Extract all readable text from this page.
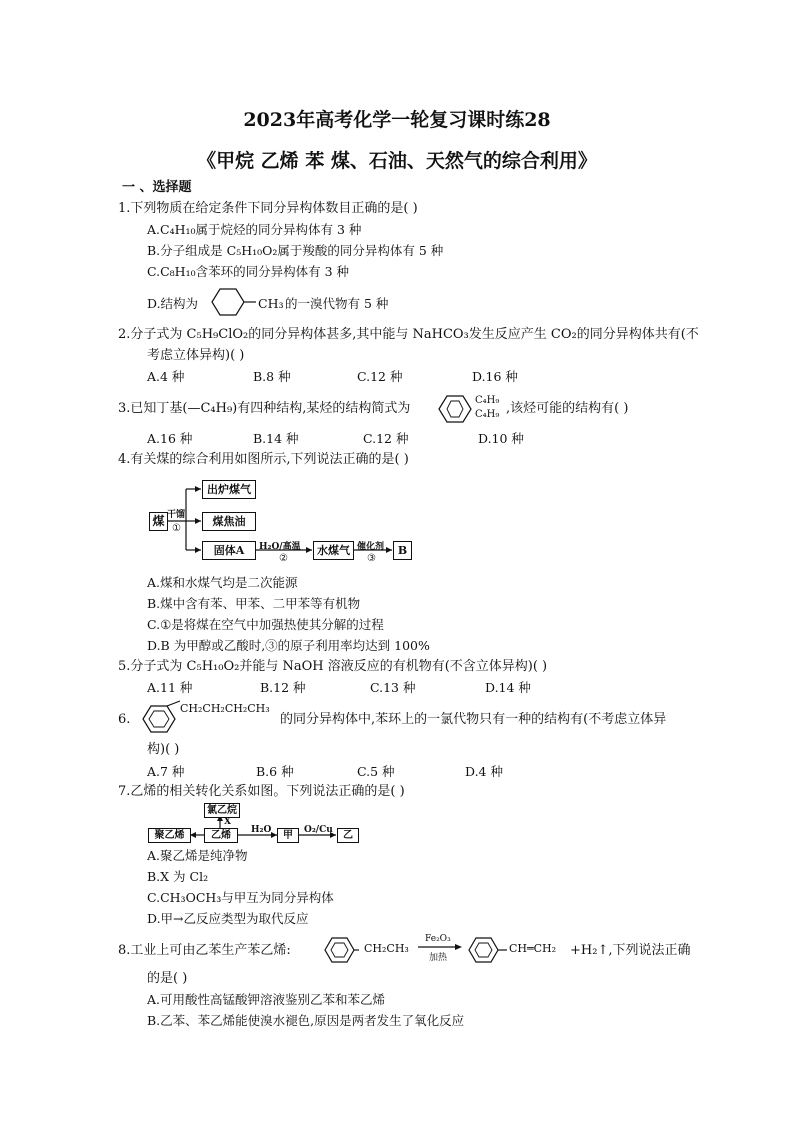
2023年高考化学一轮复习课时练28
《甲烷 乙烯 苯 煤、石油、天然气的综合利用》
一 、选择题
1.下列物质在给定条件下同分异构体数目正确的是( )
A.C₄H₁₀属于烷烃的同分异构体有 3 种
B.分子组成是 C₅H₁₀O₂属于羧酸的同分异构体有 5 种
C.C₈H₁₀含苯环的同分异构体有 3 种
D.结构为	CH₃ 的一溴代物有 5 种
2.分子式为 C₅H₉ClO₂的同分异构体甚多,其中能与 NaHCO₃发生反应产生 CO₂的同分异构体共有(不
考虑立体异构)( )
A.4 种	B.8 种	C.12 种	D.16 种
3.已知丁基(—C₄H₉)有四种结构,某烃的结构简式为
C₄H₉
C₄H₉ ,该烃可能的结构有( )
A.16 种	B.14 种	C.12 种	D.10 种
4.有关煤的综合利用如图所示,下列说法正确的是( )
煤 干馏
①
出炉煤气
煤焦油
固体A	H₂O/高温
②
水煤气 催化剂
③
B
A.煤和水煤气均是二次能源
B.煤中含有苯、甲苯、二甲苯等有机物
C.①是将煤在空气中加强热使其分解的过程
D.B 为甲醇或乙酸时,③的原子利用率均达到 100%
5.分子式为 C₅H₁₀O₂并能与 NaOH 溶液反应的有机物有(不含立体异构)( )
A.11 种	B.12 种	C.13 种	D.14 种
6.
CH₂CH₂CH₂CH₃
的同分异构体中,苯环上的一氯代物只有一种的结构有(不考虑立体异
构)( )
A.7 种	B.6 种	C.5 种	D.4 种
7.乙烯的相关转化关系如图。下列说法正确的是( )
氯乙烷
X
聚乙烯	乙烯	H₂O	甲	O₂/Cu	乙
A.聚乙烯是纯净物
B.X 为 Cl₂
C.CH₃OCH₃与甲互为同分异构体
D.甲→乙反应类型为取代反应
8.工业上可由乙苯生产苯乙烯:	CH₂CH₃
Fe₂O₃
加热
CH═CH₂ +H₂↑,下列说法正确
的是( )
A.可用酸性高锰酸钾溶液鉴别乙苯和苯乙烯
B.乙苯、苯乙烯能使溴水褪色,原因是两者发生了氧化反应
